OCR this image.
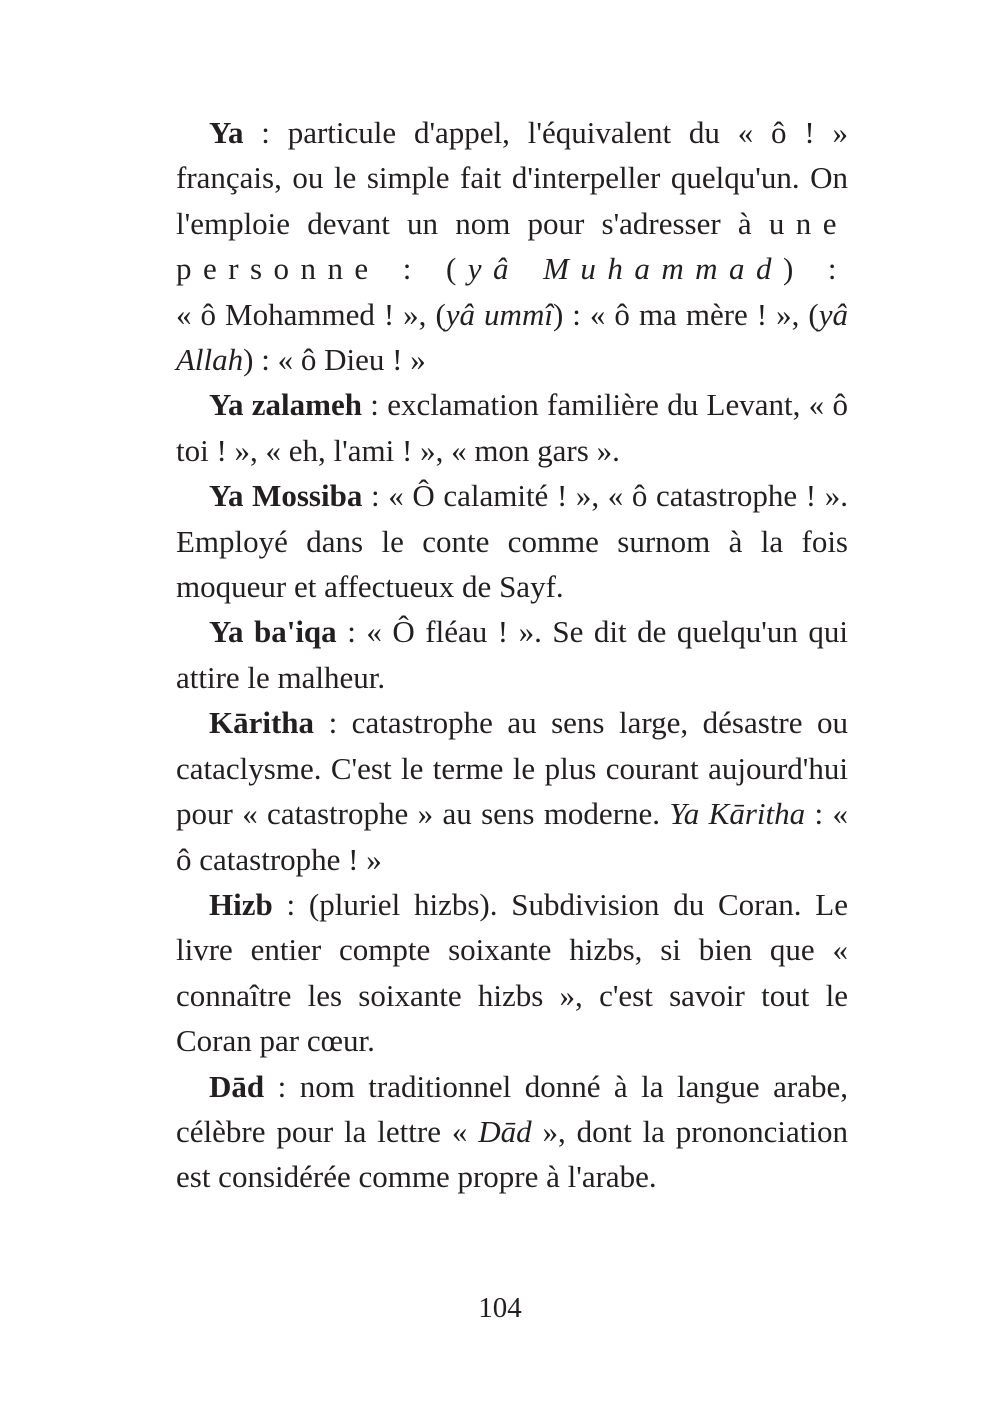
Ya : particule d'appel, l'équivalent du « ô ! » français, ou le simple fait d'interpeller quelqu'un. On l'emploie devant un nom pour s'adresser à une personne : (yâ Muhammad) : « ô Mohammed ! », (yâ ummî) : « ô ma mère ! », (yâ Allah) : « ô Dieu ! »

Ya zalameh : exclamation familière du Levant, « ô toi ! », « eh, l'ami ! », « mon gars ».

Ya Mossiba : « Ô calamité ! », « ô catastrophe ! ». Employé dans le conte comme surnom à la fois moqueur et affectueux de Sayf.

Ya ba'iqa : « Ô fléau ! ». Se dit de quelqu'un qui attire le malheur.

Kāritha : catastrophe au sens large, désastre ou cataclysme. C'est le terme le plus courant aujourd'hui pour « catastrophe » au sens moderne. Ya Kāritha : « ô catastrophe ! »

Hizb : (pluriel hizbs). Subdivision du Coran. Le livre entier compte soixante hizbs, si bien que « connaître les soixante hizbs », c'est savoir tout le Coran par cœur.

Dād : nom traditionnel donné à la langue arabe, célèbre pour la lettre « Dād », dont la prononciation est considérée comme propre à l'arabe.

104
